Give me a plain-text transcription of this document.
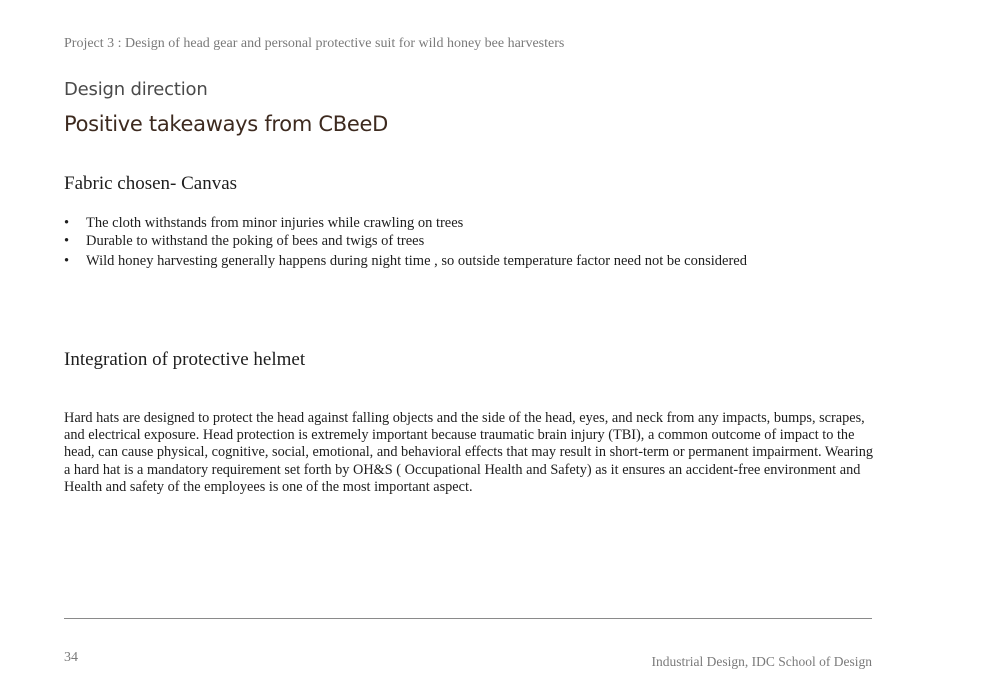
Project 3 : Design of head gear and personal protective suit for wild honey bee harvesters
Design direction
Positive takeaways from CBeeD
Fabric chosen- Canvas
• The cloth withstands from minor injuries while crawling on trees
• Durable to withstand the poking of bees and twigs of trees
• Wild honey harvesting generally happens during night time , so outside temperature factor need not be considered
Integration of protective helmet

Hard hats are designed to protect the head against falling objects and the side of the head, eyes, and neck from any impacts, bumps, scrapes, and electrical exposure. Head protection is extremely important because traumatic brain injury (TBI), a common outcome of impact to the head, can cause physical, cognitive, social, emotional, and behavioral effects that may result in short-term or permanent impairment. Wearing a hard hat is a mandatory requirement set forth by OH&S ( Occupational Health and Safety) as it ensures an accident-free environment and Health and safety of the employees is one of the most important aspect.

34	Industrial Design, IDC School of Design
